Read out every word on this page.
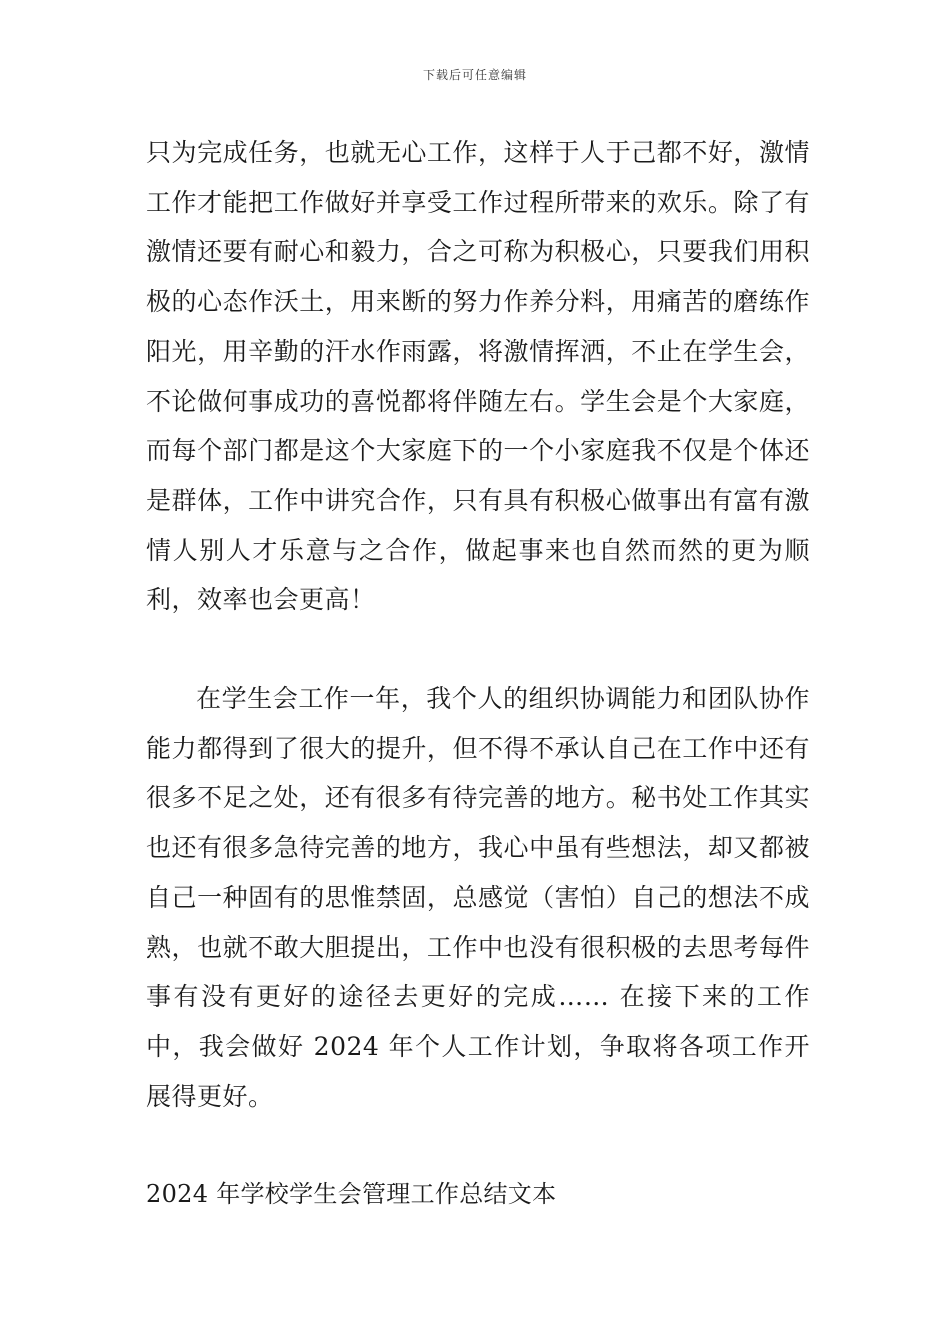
下载后可任意编辑

只为完成任务，也就无心工作，这样于人于己都不好，激情工作才能把工作做好并享受工作过程所带来的欢乐。除了有激情还要有耐心和毅力，合之可称为积极心，只要我们用积极的心态作沃土，用来断的努力作养分料，用痛苦的磨练作阳光，用辛勤的汗水作雨露，将激情挥洒，不止在学生会，不论做何事成功的喜悦都将伴随左右。学生会是个大家庭，而每个部门都是这个大家庭下的一个小家庭我不仅是个体还是群体，工作中讲究合作，只有具有积极心做事出有富有激情人别人才乐意与之合作，做起事来也自然而然的更为顺利，效率也会更高！

在学生会工作一年，我个人的组织协调能力和团队协作能力都得到了很大的提升，但不得不承认自己在工作中还有很多不足之处，还有很多有待完善的地方。秘书处工作其实也还有很多急待完善的地方，我心中虽有些想法，却又都被自己一种固有的思惟禁固，总感觉（害怕）自己的想法不成熟，也就不敢大胆提出，工作中也没有很积极的去思考每件事有没有更好的途径去更好的完成…… 在接下来的工作中，我会做好 2024 年个人工作计划，争取将各项工作开展得更好。

2024 年学校学生会管理工作总结文本
